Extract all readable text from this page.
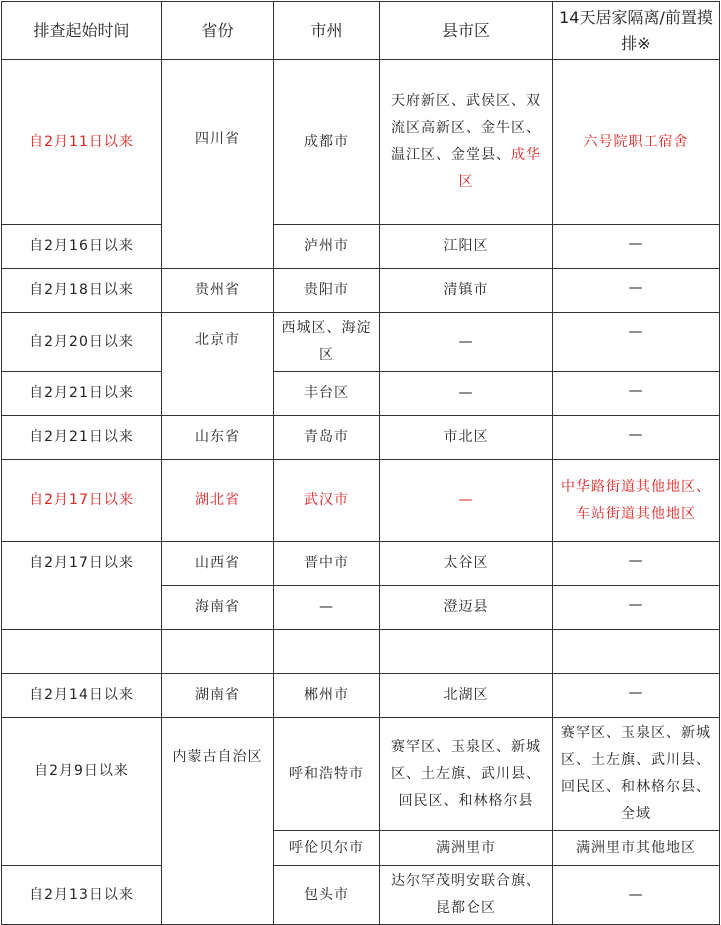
排查起始时间	省份	市州	县市区	14天居家隔离/前置摸排※
自2月11日以来	四川省	成都市	天府新区、武侯区、双流区高新区、金牛区、温江区、金堂县、成华区	六号院职工宿舍
自2月16日以来		泸州市	江阳区	—
自2月18日以来	贵州省	贵阳市	清镇市	—
自2月20日以来	北京市	西城区、海淀区	—	—
自2月21日以来		丰台区	—	—
自2月21日以来	山东省	青岛市	市北区	—
自2月17日以来	湖北省	武汉市	—	中华路街道其他地区、车站街道其他地区
自2月17日以来	山西省	晋中市	太谷区	—
	海南省	—	澄迈县	—

自2月14日以来	湖南省	郴州市	北湖区	—
自2月9日以来	内蒙古自治区	呼和浩特市	赛罕区、玉泉区、新城区、土左旗、武川县、回民区、和林格尔县	赛罕区、玉泉区、新城区、土左旗、武川县、回民区、和林格尔县、全域
		呼伦贝尔市	满洲里市	满洲里市其他地区
自2月13日以来		包头市	达尔罕茂明安联合旗、昆都仑区	—
